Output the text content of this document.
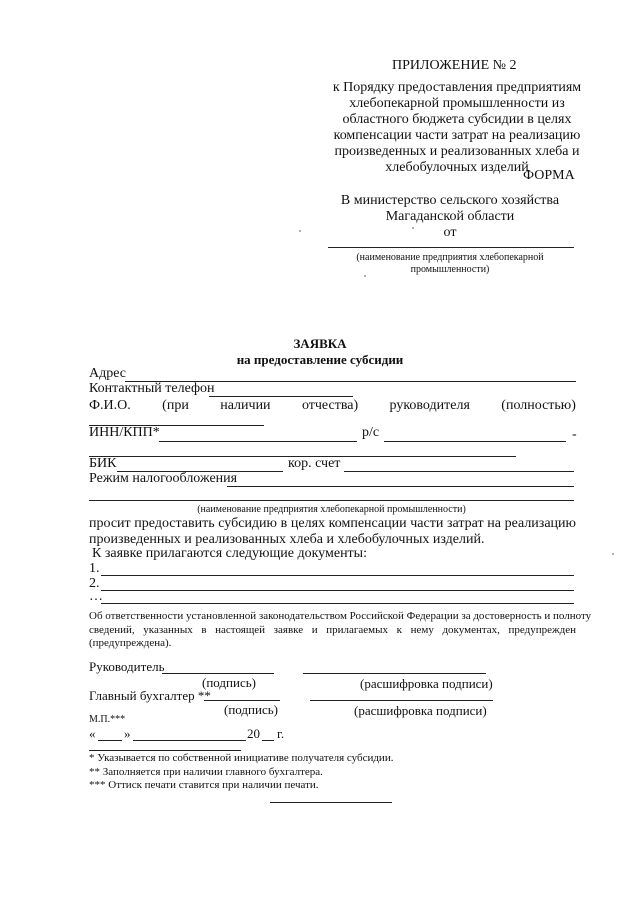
ПРИЛОЖЕНИЕ № 2
к Порядку предоставления предприятиям
хлебопекарной промышленности из
областного бюджета субсидии в целях
компенсации части затрат на реализацию
произведенных и реализованных хлеба и
хлебобулочных изделий
ФОРМА
В министерство сельского хозяйства
Магаданской области
от
(наименование предприятия хлебопекарной
промышленности)
ЗАЯВКА
на предоставление субсидии
Адрес
Контактный телефон
Ф.И.О. (при наличии отчества) руководителя (полностью)
ИНН/КПП*	р/с	-
БИК	кор. счет
Режим налогообложения
(наименование предприятия хлебопекарной промышленности)
просит предоставить субсидию в целях компенсации части затрат на реализацию
произведенных и реализованных хлеба и хлебобулочных изделий.
К заявке прилагаются следующие документы:
1.
2.
…
Об ответственности установленной законодательством Российской Федерации за достоверность и полноту
сведений, указанных в настоящей заявке и прилагаемых к нему документах, предупрежден
(предупреждена).
Руководитель
(подпись)	(расшифровка подписи)
Главный бухгалтер **
(подпись)	(расшифровка подписи)
М.П.***
« »	20 г.
* Указывается по собственной инициативе получателя субсидии.
** Заполняется при наличии главного бухгалтера.
*** Оттиск печати ставится при наличии печати.
